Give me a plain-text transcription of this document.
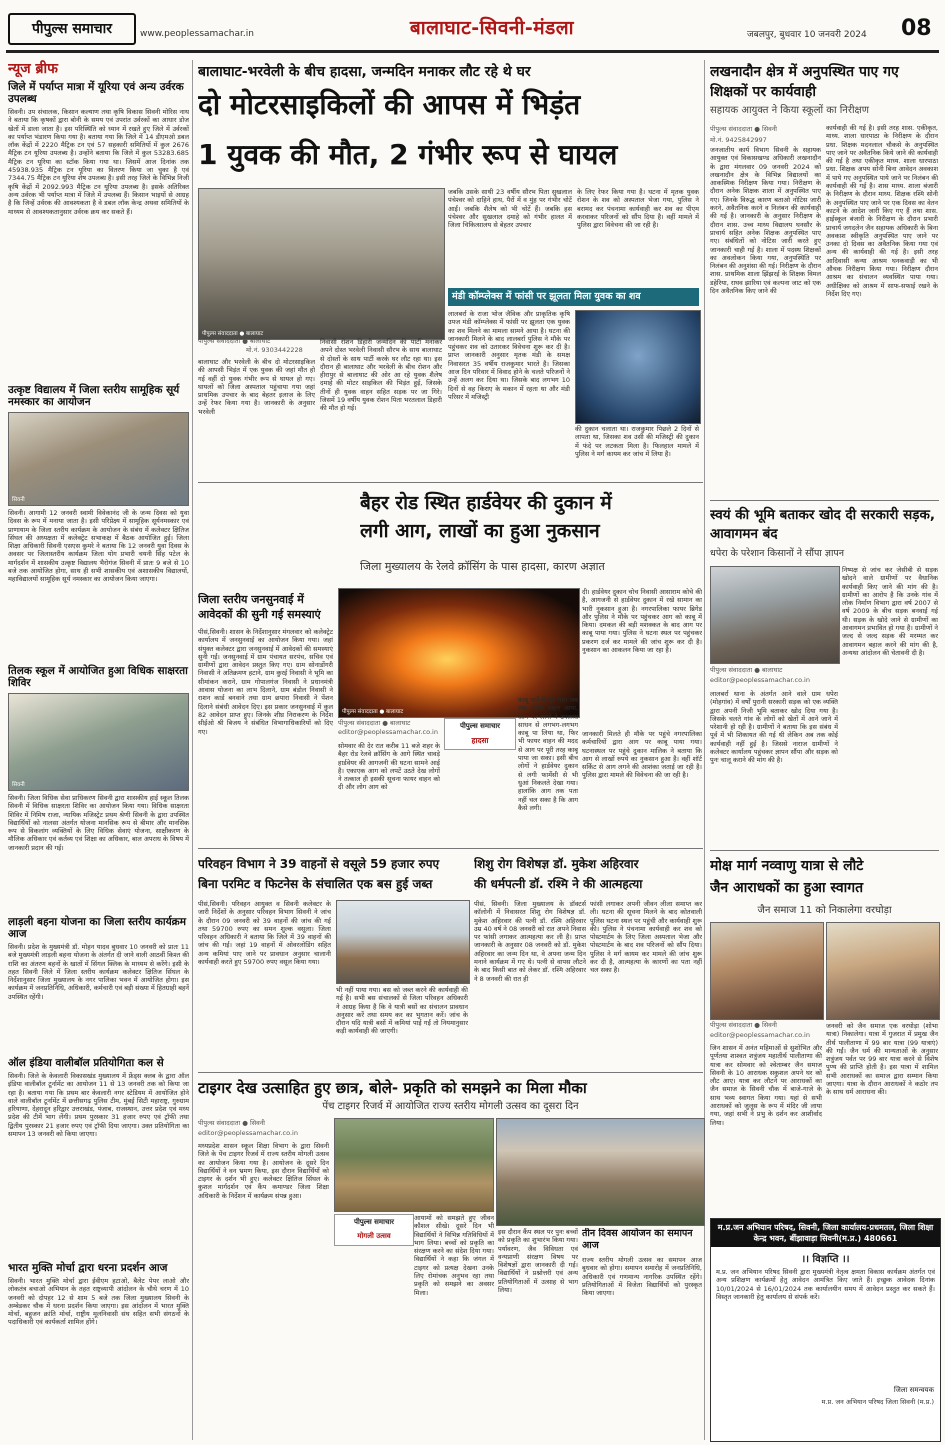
पीपुल्स समाचार	www.peoplessamachar.in	बालाघाट-सिवनी-मंडला	जबलपुर, बुधवार 10 जनवरी 2024 08
न्यूज ब्रीफ
जिले में पर्याप्त मात्रा में यूरिया एवं अन्य उर्वरक उपलब्ध
सिवनी। उप संचालक, किसान कल्याण तथा कृषि विकास सिवनी मोरिस नाथ ने बताया कि कृषकों द्वारा बोनी के समय एवं उपरांत उर्वरकों का आधार डोज खेतों में डाला जाता है। इस परिस्थिति को ध्यान में रखते हुए जिले में उर्वरकों का पर्याप्त भंडारण किया गया है। बताया गया कि जिले में 14 डीएमओ डबल लॉक केंद्रों में 2220 मैट्रिक टन एवं 57 सहकारी समितियों में कुल 2676 मैट्रिक टन यूरिया उपलब्ध है। उन्होंने बताया कि जिले में कुल 53283.685 मैट्रिक टन यूरिया का स्टॉक किया गया था। जिसमें आज दिनांक तक 45938.935 मैट्रिक टन यूरिया का वितरण किया जा चुका है एवं 7344.75 मैट्रिक टन यूरिया शेष उपलब्ध है। इसी तरह जिले के विभिन्न निजी कृषि केंद्रों में 2092.993 मैट्रिक टन यूरिया उपलब्ध है। इसके अतिरिक्त अन्य उर्वरक भी पर्याप्त मात्रा में जिले में उपलब्ध हैं। किसान भाइयों से आग्रह है कि जिन्हें उर्वरक की आवश्यकता है वे डबल लॉक केन्द्र अथवा समितियों के माध्यम से आवश्यकतानुसार उर्वरक क्रय कर सकते हैं।
उत्कृष्ट विद्यालय में जिला स्तरीय सामूहिक सूर्य नमस्कार का आयोजन
सिवनी
सिवनी। आगामी 12 जनवरी स्वामी विवेकानंद जी के जन्म दिवस को युवा दिवस के रूप में मनाया जाता है। इसी परिप्रेक्ष्य में सामूहिक सूर्यनमस्कार एवं प्राणायाम के जिला स्तरीय कार्यक्रम के आयोजन के संबंध में कलेक्टर क्षितिज सिंघल की अध्यक्षता में कलेक्ट्रेट सभाकक्ष में बैठक आयोजित हुई। जिला शिक्षा अधिकारी सिवनी एसएस कुमरे ने बताया कि 12 जनवरी युवा दिवस के अवसर पर जिलास्तरीय कार्यक्रम जिला योग प्रभारी चयनी सिंह पटेल के मार्गदर्शन में शासकीय उत्कृष्ट विद्यालय भैरोगंज सिवनी में प्रातः 9 बजे से 10 बजे तक आयोजित होगा, साथ ही सभी शासकीय एवं अशासकीय विद्यालयों, महाविद्यालयों सामूहिक सूर्य नमस्कार का आयोजन किया जाएगा।
तिलक स्कूल में आयोजित हुआ विधिक साक्षरता शिविर
सिवनी
सिवनी। जिला विधिक सेवा प्राधिकरण सिवनी द्वारा शासकीय हाई स्कूल तिलक सिवनी में विधिक साक्षरता शिविर का आयोजन किया गया। विधिक साक्षरता शिविर में निमिष राजा, न्यायिक मजिस्ट्रेट प्रथम श्रेणी सिवनी के द्वारा उपस्थित विद्यार्थियों को नालसा अंतर्गत योजना मानसिक रूप से बीमार और मानसिक रूप से विकलांग व्यक्तियों के लिए विधिक सेवाएं योजना, साक्षीकरण के मौलिक अधिकार एवं कर्तव्य एवं शिक्षा का अधिकार, बाल अपराध के विषय में जानकारी प्रदान की गई।
लाड़ली बहना योजना का जिला स्तरीय कार्यक्रम आज
सिवनी। प्रदेश के मुख्यमंत्री डॉ. मोहन यादव बुधवार 10 जनवरी को प्रातः 11 बजे मुख्यमंत्री लाड़ली बहना योजना के अंतर्गत दी जाने वाली आठवीं किश्त की राशि का अंतरण बहनों के खातों में सिंगल क्लिक के माध्यम से करेंगे। इसी के तहत सिवनी जिले में जिला स्तरीय कार्यक्रम कलेक्टर क्षितिज सिंघल के निर्देशानुसार जिला मुख्यालय के नगर पालिका भवन में आयोजित होगा। इस कार्यक्रम में जनप्रतिनिधि, अधिकारी, कर्मचारी एवं बड़ी संख्या में हितग्राही बहनें उपस्थित रहेंगी।
ऑल इंडिया वालीबॉल प्रतियोगिता कल से
सिवनी। जिले के केवलारी विकासखंड मुख्यालय में फ्रेंड्स क्लब के द्वारा ऑल इंडिया वालीबॉल टूर्नामेंट का आयोजन 11 से 13 जनवरी तक को किया जा रहा है। बताया गया कि प्रथम बार केवलारी नगर स्टेडियम में आयोजित होने वाले वालीबॉल टूर्नामेंट में छत्तीसगढ़ पुलिस टीम, मुंबई सिटी महाराष्ट्र, गुरुग्राम हरियाणा, देहरादून हरिद्वार उत्तराखंड, पंजाब, राजस्थान, उत्तर प्रदेश एवं मध्य प्रदेश की टीमें भाग लेंगी। प्रथम पुरस्कार 31 हजार रुपए एवं ट्रॉफी तथा द्वितीय पुरस्कार 21 हजार रुपए एवं ट्रॉफी दिया जाएगा। उक्त प्रतियोगिता का समापन 13 जनवरी को किया जाएगा।
भारत मुक्ति मोर्चा द्वारा धरना प्रदर्शन आज
सिवनी। भारत मुक्ति मोर्चा द्वारा ईवीएम हटाओ, बैलेट पेपर लाओ और लोकतंत्र बचाओ अभियान के तहत राष्ट्रव्यापी आंदोलन के चौथे चरण में 10 जनवरी को दोपहर 12 से शाम 5 बजे तक जिला मुख्यालय सिवनी के अम्बेडकर चौक में धरना प्रदर्शन किया जाएगा। इस आंदोलन में भारत मुक्ति मोर्चा, बहुजन क्रांति मोर्चा, राष्ट्रीय मूलनिवासी संघ सहित सभी संगठनों के पदाधिकारी एवं कार्यकर्ता शामिल होंगे।
बालाघाट-भरवेली के बीच हादसा, जन्मदिन मनाकर लौट रहे थे घर
दो मोटरसाइकिलों की आपस में भिड़ंत
1 युवक की मौत, 2 गंभीर रूप से घायल
पीपुल्स संवाददाता ● बालाघाट
मो.नं. 9303442228
पीपुल्स संवाददाता ● बालाघाट
बालाघाट और भरवेली के बीच दो मोटरसाइकिल की आपसी भिड़ंत में एक युवक की जहां मौत हो गई वहीं दो युवक गंभीर रूप से घायल हो गए। घायलों को जिला अस्पताल पहुंचाया गया जहां प्राथमिक उपचार के बाद बेहतर इलाज के लिए उन्हें रेफर किया गया है। जानकारी के अनुसार भरवेली
निवासी रोशन डिहारी जन्मदिन की पार्टी मनाकर अपने दोस्त भरवेली निवासी सौरभ के साथ बालाघाट से दोस्तों के साथ पार्टी करके घर लौट रहा था। इस दौरान ही बालाघाट और भरवेली के बीच रोशन और हीरापुर से बालाघाट की ओर आ रहे युवक शैलेष दमाहे की मोटर साइकिल की भिड़ंत हुई, जिसके तीनों ही युवक वाहन सहित सड़क पर जा गिरे। जिसमें 19 वर्षीय युवक रोशन पिता भरतलाल डिहारी की मौत हो गई।
जबकि उसके साथी 23 वर्षीय सौरभ पिता सुखलाल पंचेश्वर को दाहिने हाथ, पैरों में व मुंह पर गंभीर चोटें आईं। जबकि शैलेष को भी चोटें हैं। जबकि हस पंचेश्वर और सुखलाल दमाहे को गंभीर हालत में जिला चिकित्सालय से बेहतर उपचार
के लिए रेफर किया गया है। घटना में मृतक युवक रोशन के शव को अस्पताल भेजा गया, पुलिस ने बरामद कर पंचनामा कार्यवाही कर शव का पीएम करवाकर परिजनों को सौंप दिया है। वहीं मामले में पुलिस द्वारा विवेचना की जा रही है।
मंडी कॉम्प्लेक्स में फांसी पर झूलता मिला युवक का शव
लालबर्रा के राजा भोज जैविक और प्राकृतिक कृषि उपज मंडी कॉम्प्लेक्स में फांसी पर झूलता एक युवक का शव मिलने का मामला सामने आया है। घटना की जानकारी मिलने के बाद लालबर्रा पुलिस ने मौके पर पहुंचकर शव को उतारकर विवेचना शुरू कर दी है। प्राप्त जानकारी अनुसार मृतक मंडी के समक्ष निवासरत 35 वर्षीय राजकुमार भारते है। जिसका आज दिन परिवार में विवाद होने के चलते परिजनों ने उन्हें अलग कर दिया था। जिसके बाद लगभग 10 दिनों से वह किराए के मकान में रहता था और मंडी परिसर में मजिस्ट्री
की दुकान चलाता था। राजकुमार पिछले 2 दिनों से लापता था, जिसका शव उसी की मजिस्ट्री की दुकान में फंदे पर लटकता मिला है। फिलहाल मामले में पुलिस ने मर्ग कायम कर जांच में लिया है।
लखनादौन क्षेत्र में अनुपस्थित पाए गए शिक्षकों पर कार्यवाही
सहायक आयुक्त ने किया स्कूलों का निरीक्षण
पीपुल्स संवाददाता ● सिवनी
मो.नं. 9425842997
जनजातीय कार्य विभाग सिवनी के सहायक आयुक्त एवं विकासखण्ड अधिकारी लखनादौन के द्वारा मंगलवार 09 जनवरी 2024 को लखनादौन क्षेत्र के विभिन्न विद्यालयों का आकस्मिक निरीक्षण किया गया। निरीक्षण के दौरान अनेक शिक्षक शाला में अनुपस्थित पाए गए। जिनके विरुद्ध कारण बताओ नोटिस जारी करने, अवैतनिक करने व निलंबन की कार्यवाही की गई है। जानकारी के अनुसार निरीक्षण के दौरान शास. उच्च माध्य विद्यालय घनसौर के प्राचार्य सहित अनेक शिक्षक अनुपस्थित पाए गए। संबंधितों को नोटिस जारी करते हुए जानकारी चाही गई है। शाला में पदस्थ शिक्षकों का अवलोकन किया गया, अनुपस्थिति पर निलंबन की अनुशंसा की गई। निरीक्षण के दौरान शास. प्राथमिक शाला झिंझरई के शिक्षक विमल डहेरिया, राघव झारिया एवं कल्पना जाट को एक दिन अवैतनिक किए जाने की
कार्यवाही की गई है। इसी तरह शास. एकीकृत, माध्य. शाला धारपाठा के निरीक्षण के दौरान प्रधा. शिक्षक मदनलाल चौकसे के अनुपस्थित पाए जाने पर अवैतनिक किये जाने की कार्यवाही की गई है तथा एकीकृत माध्य. शाला धारपाठा प्रधा. शिक्षक अपय सोनी बिना आवेदन अवकाश में पाये गए अनुपस्थित पाये जाने पर निलंबन की कार्यवाही की गई है। शास माध्य. शाला बंजारी के निरीक्षण के दौरान माध्य. शिक्षक रश्मि सोनी के अनुपस्थित पाए जाने पर एक दिवस का वेतन काटने के आदेश जारी किए गए हैं तथा शास. हाईस्कूल बंजारी के निरीक्षण के दौरान प्रभारी प्राचार्य जगदलेन जैन सहायक अधिकारी के बिना अवकाश स्वीकृति अनुपस्थित पाए जाने पर उनका दो दिवस का अवैतनिक किया गया एवं अन्य की कार्यवाही की गई है। इसी तरह आदिवासी कन्या आश्रम घनकवाड़ी का भी औचक निरीक्षण किया गया। निरीक्षण दौरान आश्रम का संचालन व्यवस्थित पाया गया। अधीक्षिका को आश्रम में साफ-सफाई रखने के निर्देश दिए गए।
बैहर रोड स्थित हार्डवेयर की दुकान में
लगी आग, लाखों का हुआ नुकसान
जिला मुख्यालय के रेलवे क्रॉसिंग के पास हादसा, कारण अज्ञात
पीपुल्स संवाददाता ● बालाघाट
पीपुल्स संवाददाता ● बालाघाट
editor@peoplessamachar.co.in
सोमवार की देर रात करीब 11 बजे शहर के बैहर रोड रेलवे क्रॉसिंग के आगे स्थित चावड़े हार्डवेयर की आगजनी की घटना सामने आई है। एकाएक आग को लपटें उठते देख लोगों ने तत्काल ही इसकी सूचना फायर वाहन को दी और लोग आग को
पीपुल्स समाचार
हादसा
काबू पाने में जुट गए। जब तक फायर वाहन आया, आग पर लोगों ने उपलब्ध साधन से लगभग-लगभग काबू पा लिया था, फिर भी फायर वाहन की मदद से आग पर पूरी तरह काबू पाया जा सका। इसी बीच लोगों ने हार्डवेयर दुकान से लगी फार्मेसी से भी धुआं निकलते देखा गया। हालांकि आग तक पता नहीं चल सका है कि आग कैसे लगी।
दी। हार्डवेयर दुकान चोच निवासी आसाराम कोचे की है, आगजनी से हार्डवेयर दुकान में रखे सामान का भारी नुकसान हुआ है। नगरपालिका फायर ब्रिगेड और पुलिस ने मौके पर पहुंचकर आग को काबू में किया। दमकल की बड़ी मशक्कत के बाद आग पर काबू पाया गया। पुलिस ने घटना स्थल पर पहुंचकर प्रकरण दर्ज कर मामले की जांच शुरू कर दी है। नुकसान का आकलन किया जा रहा है।
जानकारी मिलते ही मौके पर पहुंचे नगरपालिका कर्मचारियों द्वारा आग पर काबू पाया गया। घटनास्थल पर पहुंचे दुकान मालिक ने बताया कि आग से लाखों रुपये का नुकसान हुआ है। वहीं शॉर्ट सर्किट से आग लगने की आशंका जताई जा रही है। पुलिस द्वारा मामले की विवेचना की जा रही है।
जिला स्तरीय जनसुनवाई में आवेदकों की सुनी गई समस्याएं
पीसं,सिवनी। शासन के निर्देशानुसार मंगलवार को कलेक्ट्रेट कार्यालय में जनसुनवाई का आयोजन किया गया। जहां संयुक्त कलेक्टर द्वारा जनसुनवाई में आवेदकों की समस्याएं सुनी गईं। जनसुनवाई में ग्राम पंचायत सरपंच, सचिव एवं ग्रामीणों द्वारा आवेदन प्रस्तुत किए गए। ग्राम सोनाडोंगरी निवासी ने अतिक्रमण हटाने, ग्राम कुरई निवासी ने भूमि का सीमांकन कराने, ग्राम गोपालगंज निवासी ने प्रधानमंत्री आवास योजना का लाभ दिलाने, ग्राम बंडोल निवासी ने राशन कार्ड बनवाने तथा ग्राम छपारा निवासी ने पेंशन दिलाने संबंधी आवेदन दिए। इस प्रकार जनसुनवाई में कुल 82 आवेदन प्राप्त हुए। जिनके शीघ्र निराकरण के निर्देश सीईओ श्री बिजय ने संबंधित विभागाधिकारियों को दिए गए।
स्वयं की भूमि बताकर खोद दी सरकारी सड़क, आवागमन बंद
धपेरा के परेशान किसानों ने सौंपा ज्ञापन
पीपुल्स संवाददाता ● बालाघाट
editor@peoplessamachar.co.in
लालबर्रा थाना के अंतर्गत आने वाले ग्राम धपेरा (मोहगांव) में वर्षों पुरानी सरकारी सड़क को एक व्यक्ति द्वारा अपनी निजी भूमि बताकर खोद दिया गया है। जिसके चलते गांव के लोगों को खेतों में आने जाने में परेशानी हो रही है। ग्रामीणों ने बताया कि इस संबंध में पूर्व में भी शिकायत की गई थी लेकिन अब तक कोई कार्यवाही नहीं हुई है। जिससे नाराज ग्रामीणों ने कलेक्टर कार्यालय पहुंचकर ज्ञापन सौंपा और सड़क को पुनः चालू कराने की मांग की है।
निष्पक्ष से जांच कर जेसीबी से सड़क खोदने वाले ग्रामीणों पर वैधानिक कार्यवाही किए जाने की मांग की है। ग्रामीणों का आरोप है कि उनके गांव में लोक निर्माण विभाग द्वारा वर्ष 2007 से वर्ष 2009 के बीच सड़क बनवाई गई थी। सड़क के खोदे जाने से ग्रामीणों का आवागमन प्रभावित हो गया है। ग्रामीणों ने जल्द से जल्द सड़क की मरम्मत कर आवागमन बहाल करने की मांग की है, अन्यथा आंदोलन की चेतावनी दी है।
परिवहन विभाग ने 39 वाहनों से वसूले 59 हजार रुपए
बिना परमिट व फिटनेस के संचालित एक बस हुई जब्त
पीसं,सिवनी। परिवहन आयुक्त व सिवनी कलेक्टर के जारी निर्देशों के अनुसार परिवहन विभाग सिवनी ने जांच के दौरान 09 जनवरी को 39 वाहनों की जांच की गई तथा 59700 रुपए का समन शुल्क वसूला। जिला परिवहन अधिकारी ने बताया कि जिले में 39 वाहनों की जांच की गई। जहां 19 वाहनों में ओवरलोडिंग सहित अन्य कमियां पाए जाने पर प्रावधान अनुसार चालानी कार्यवाही करते हुए 59700 रुपए वसूल किया गया।
भी नहीं पाया गया। बस को जब्त करने की कार्यवाही की गई है। सभी बस संचालकों से जिला परिवहन अधिकारी ने आग्रह किया है कि वे यात्री बसों का संचालन प्रावधान अनुसार करें तथा समय कर का भुगतान करें। जांच के दौरान यदि यात्री बसों में कमियां पाई गईं तो नियमानुसार कड़ी कार्यवाही की जाएगी।
शिशु रोग विशेषज्ञ डॉ. मुकेश अहिरवार
की धर्मपत्नी डॉ. रश्मि ने की आत्महत्या
पीसं, सिवनी। जिला मुख्यालय के डॉक्टर्स कॉलोनी में निवासरत शिशु रोग विशेषज्ञ डॉ. मुकेश अहिरवार की पत्नी डॉ. रश्मि अहिरवार उम्र 40 वर्ष ने 08 जनवरी को रात अपने निवास पर फांसी लगाकर आत्महत्या कर ली है। प्राप्त जानकारी के अनुसार 08 जनवरी को डॉ. मुकेश अहिरवार का जन्म दिन था, वे अपना जन्म दिन मनाने कार्यक्रम में गए थे। पत्नी से वापस लौटने के बाद किसी बात को लेकर डॉ. रश्मि अहिरवार ने 8 जनवरी की रात ही
फांसी लगाकर अपनी जीवन लीला समाप्त कर ली। घटना की सूचना मिलने के बाद कोतवाली पुलिस घटना स्थल पर पहुंची और कार्यवाही शुरू की। पुलिस ने पंचनामा कार्यवाही कर शव को पोस्टमार्टम के लिए जिला अस्पताल भेजा और पोस्टमार्टम के बाद शव परिजनों को सौंप दिया। पुलिस ने मर्ग कायम कर मामले की जांच शुरू कर दी है, आत्महत्या के कारणों का पता नहीं चल सका है।
मोक्ष मार्ग नव्वाणु यात्रा से लौटे
जैन आराधकों का हुआ स्वागत
जैन समाज 11 को निकालेगा वरघोड़ा
पीपुल्स संवाददाता ● सिवनी
editor@peoplessamachar.co.in
जिन शासन में अनंत महिमाओं से सुशोभित और पूर्णतया शाश्वत शत्रुंजय महातीर्थ पालीताणा की यात्रा कर सोमवार को श्वेताम्बर जैन समाज सिवनी के 10 आराधक सकुशल अपने घर को लौट आए। यात्रा कर लौटने पर आराधकों का जैन समाज के सिवनी चौक में बाजे-गाजे के साथ भव्य स्वागत किया गया। यहां से सभी आराधकों को जुलूस के रूप में मंदिर जी लाया गया, जहां सभी ने प्रभु के दर्शन कर आशीर्वाद लिया।
जनवरी को जैन समाज एक वरघोड़ा (शोभा यात्रा) निकालेगा। यात्रा में गुजरात में प्रमुख जैन तीर्थ पालीताणा में 99 बार यात्रा (99 यात्राएं) की गईं। जैन धर्म की मान्यताओं के अनुसार शत्रुंजय पर्वत पर 99 बार यात्रा करने से विशेष पुण्य की प्राप्ति होती है। इस यात्रा में शामिल सभी आराधकों का समाज द्वारा सम्मान किया जाएगा। यात्रा के दौरान आराधकों ने कठोर तप के साथ धर्म आराधना की।
टाइगर देख उत्साहित हुए छात्र, बोले- प्रकृति को समझने का मिला मौका
पेंच टाइगर रिजर्व में आयोजित राज्य स्तरीय मोगली उत्सव का दूसरा दिन
पीपुल्स संवाददाता ● सिवनी
editor@peoplessamachar.co.in
मध्यप्रदेश शासन स्कूल शिक्षा विभाग के द्वारा सिवनी जिले के पेंच टाइगर रिजर्व में राज्य स्तरीय मोगली उत्सव का आयोजन किया गया है। आयोजन के दूसरे दिन विद्यार्थियों ने वन भ्रमण किया, इस दौरान विद्यार्थियों को टाइगर के दर्शन भी हुए। कलेक्टर क्षितिज सिंघल के कुशल मार्गदर्शन एवं कैंप कमाण्डर जिला शिक्षा अधिकारी के निर्देशन में कार्यक्रम संपन्न हुआ।
पीपुल्स समाचार
मोगली उत्सव
आयामों को समझते हुए जीवन कौशल सीखे। दूसरे दिन भी विद्यार्थियों ने विभिन्न गतिविधियों में भाग लिया। बच्चों को प्रकृति का संरक्षण करने का संदेश दिया गया। विद्यार्थियों ने कहा कि जंगल में टाइगर को प्रत्यक्ष देखना उनके लिए रोमांचक अनुभव रहा तथा प्रकृति को समझने का अवसर मिला।
इस दौरान कैंप स्थल पर पुनः बच्चों को प्रकृति का शुभारंभ किया गया। पर्यावरण, जैव विविधता एवं वन्यप्राणी संरक्षण विषय पर विशेषज्ञों द्वारा जानकारी दी गई। विद्यार्थियों ने प्रश्नोत्तरी एवं अन्य प्रतियोगिताओं में उत्साह से भाग लिया।
तीन दिवस आयोजन का समापन आज
राज्य स्तरीय मोगली उत्सव का समापन आज बुधवार को होगा। समापन समारोह में जनप्रतिनिधि, अधिकारी एवं गणमान्य नागरिक उपस्थित रहेंगे। प्रतियोगिताओं में विजेता विद्यार्थियों को पुरस्कृत किया जाएगा।
म.प्र.जन अभियान परिषद, सिवनी, जिला कार्यालय-प्रधमतल, जिला शिक्षा केन्द्र भवन, बींझावाड़ा सिवनी(म.प्र.) 480661
।। विज्ञप्ति ।।
म.प्र. जन अभियान परिषद सिवनी द्वारा मुख्यमंत्री नेतृत्व क्षमता विकास कार्यक्रम अंतर्गत एवं अन्य प्रशिक्षण कार्यक्रमों हेतु आवेदन आमंत्रित किए जाते हैं। इच्छुक आवेदक दिनांक 10/01/2024 से 16/01/2024 तक कार्यालयीन समय में आवेदन प्रस्तुत कर सकते हैं। विस्तृत जानकारी हेतु कार्यालय से संपर्क करें।
जिला समन्वयक
म.प्र. जन अभियान परिषद जिला सिवनी (म.प्र.)
